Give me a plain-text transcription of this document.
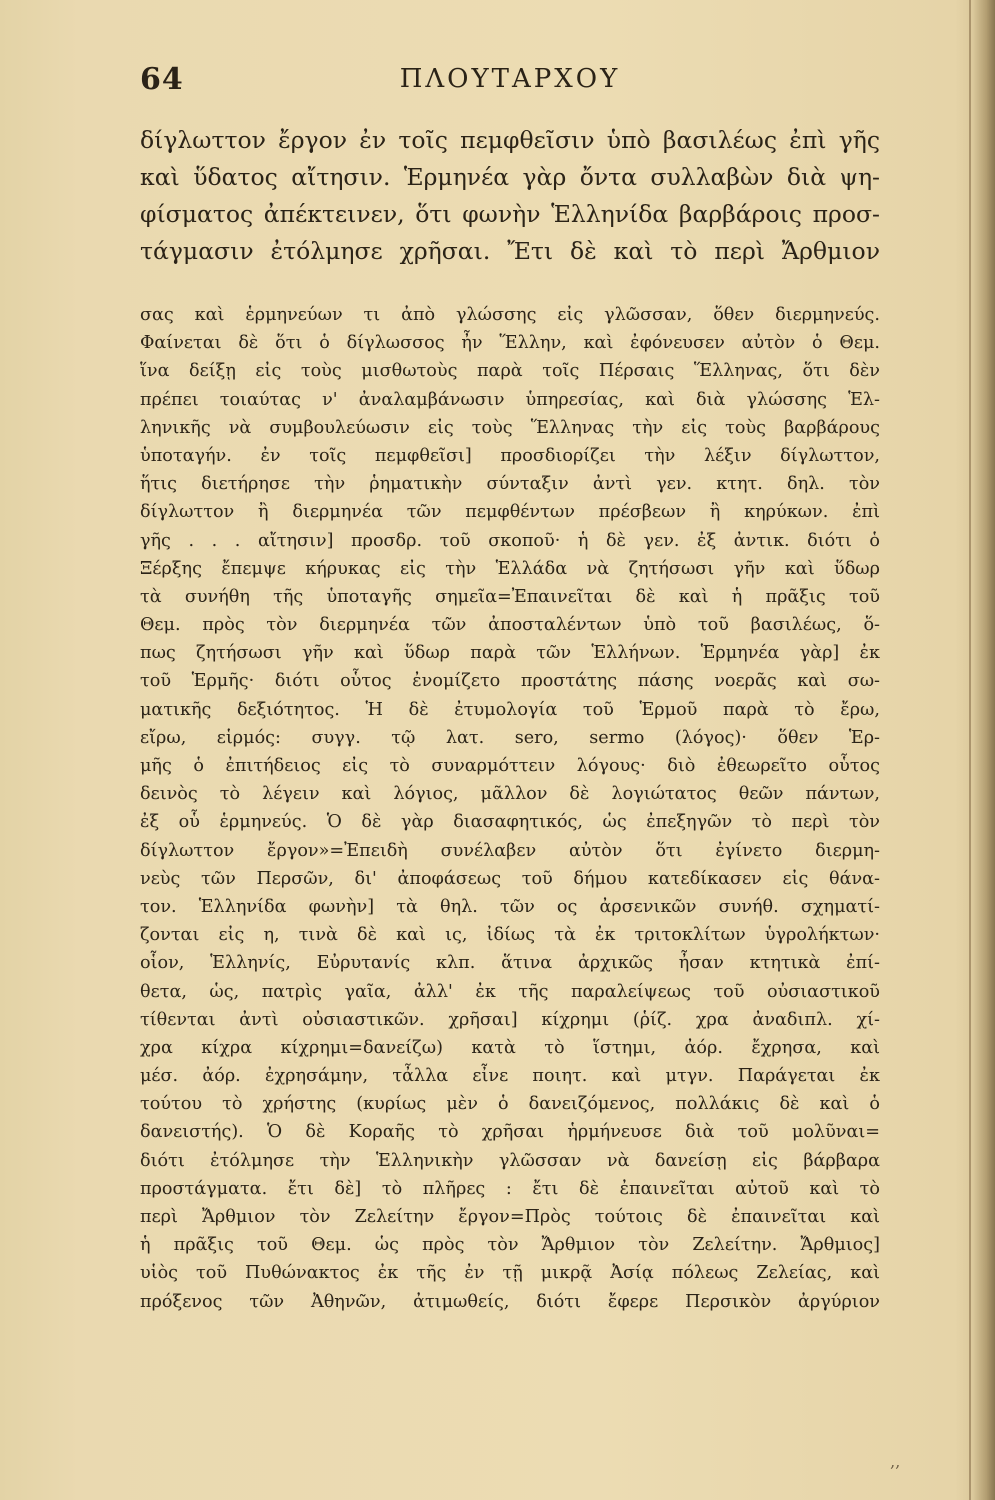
64	ΠΛΟΥΤΑΡΧΟΥ
δίγλωττον ἔργον ἐν τοῖς πεμφθεῖσιν ὑπὸ βασιλέως ἐπὶ γῆς
καὶ ὕδατος αἴτησιν. Ἑρμηνέα γὰρ ὄντα συλλαβὼν διὰ ψη-
φίσματος ἀπέκτεινεν, ὅτι φωνὴν Ἑλληνίδα βαρβάροις προσ-
τάγμασιν ἐτόλμησε χρῆσαι. Ἔτι δὲ καὶ τὸ περὶ Ἄρθμιον
σας καὶ ἑρμηνεύων τι ἀπὸ γλώσσης εἰς γλῶσσαν, ὅθεν διερμηνεύς.
Φαίνεται δὲ ὅτι ὁ δίγλωσσος ἦν Ἕλλην, καὶ ἐφόνευσεν αὐτὸν ὁ Θεμ.
ἵνα δείξῃ εἰς τοὺς μισθωτοὺς παρὰ τοῖς Πέρσαις Ἕλληνας, ὅτι δὲν
πρέπει τοιαύτας ν' ἀναλαμβάνωσιν ὑπηρεσίας, καὶ διὰ γλώσσης Ἑλ-
ληνικῆς νὰ συμβουλεύωσιν εἰς τοὺς Ἕλληνας τὴν εἰς τοὺς βαρβάρους
ὑποταγήν. ἐν τοῖς πεμφθεῖσι] προσδιορίζει τὴν λέξιν δίγλωττον,
ἥτις διετήρησε τὴν ῥηματικὴν σύνταξιν ἀντὶ γεν. κτητ. δηλ. τὸν
δίγλωττον ἢ διερμηνέα τῶν πεμφθέντων πρέσβεων ἢ κηρύκων. ἐπὶ
γῆς . . . αἴτησιν] προσδρ. τοῦ σκοποῦ· ἡ δὲ γεν. ἐξ ἀντικ. διότι ὁ
Ξέρξης ἔπεμψε κήρυκας εἰς τὴν Ἑλλάδα νὰ ζητήσωσι γῆν καὶ ὕδωρ
τὰ συνήθη τῆς ὑποταγῆς σημεῖα=Ἐπαινεῖται δὲ καὶ ἡ πρᾶξις τοῦ
Θεμ. πρὸς τὸν διερμηνέα τῶν ἀποσταλέντων ὑπὸ τοῦ βασιλέως, ὅ-
πως ζητήσωσι γῆν καὶ ὕδωρ παρὰ τῶν Ἑλλήνων. Ἑρμηνέα γὰρ] ἐκ
τοῦ Ἑρμῆς· διότι οὗτος ἐνομίζετο προστάτης πάσης νοερᾶς καὶ σω-
ματικῆς δεξιότητος. Ἡ δὲ ἐτυμολογία τοῦ Ἑρμοῦ παρὰ τὸ ἔρω,
εἴρω, εἱρμός: συγγ. τῷ λατ. sero, sermo (λόγος)· ὅθεν Ἑρ-
μῆς ὁ ἐπιτήδειος εἰς τὸ συναρμόττειν λόγους· διὸ ἐθεωρεῖτο οὗτος
δεινὸς τὸ λέγειν καὶ λόγιος, μᾶλλον δὲ λογιώτατος θεῶν πάντων,
ἐξ οὗ ἑρμηνεύς. Ὁ δὲ γὰρ διασαφητικός, ὡς ἐπεξηγῶν τὸ περὶ τὸν
δίγλωττον ἔργον»=Ἐπειδὴ συνέλαβεν αὐτὸν ὅτι ἐγίνετο διερμη-
νεὺς τῶν Περσῶν, δι' ἀποφάσεως τοῦ δήμου κατεδίκασεν εἰς θάνα-
τον. Ἑλληνίδα φωνὴν] τὰ θηλ. τῶν ος ἀρσενικῶν συνήθ. σχηματί-
ζονται εἰς η, τινὰ δὲ καὶ ις, ἰδίως τὰ ἐκ τριτοκλίτων ὑγρολήκτων·
οἷον, Ἑλληνίς, Εὐρυτανίς κλπ. ἅτινα ἀρχικῶς ἦσαν κτητικὰ ἐπί-
θετα, ὡς, πατρὶς γαῖα, ἀλλ' ἐκ τῆς παραλείψεως τοῦ οὐσιαστικοῦ
τίθενται ἀντὶ οὐσιαστικῶν. χρῆσαι] κίχρημι (ῥίζ. χρα ἀναδιπλ. χί-
χρα κίχρα κίχρημι=δανείζω) κατὰ τὸ ἵστημι, ἀόρ. ἔχρησα, καὶ
μέσ. ἀόρ. ἐχρησάμην, τἆλλα εἶνε ποιητ. καὶ μτγν. Παράγεται ἐκ
τούτου τὸ χρήστης (κυρίως μὲν ὁ δανειζόμενος, πολλάκις δὲ καὶ ὁ
δανειστής). Ὁ δὲ Κοραῆς τὸ χρῆσαι ἡρμήνευσε διὰ τοῦ μολῦναι=
διότι ἐτόλμησε τὴν Ἑλληνικὴν γλῶσσαν νὰ δανείσῃ εἰς βάρβαρα
προστάγματα. ἔτι δὲ] τὸ πλῆρες : ἔτι δὲ ἐπαινεῖται αὐτοῦ καὶ τὸ
περὶ Ἄρθμιον τὸν Ζελείτην ἔργον=Πρὸς τούτοις δὲ ἐπαινεῖται καὶ
ἡ πρᾶξις τοῦ Θεμ. ὡς πρὸς τὸν Ἄρθμιον τὸν Ζελείτην. Ἄρθμιος]
υἱὸς τοῦ Πυθώνακτος ἐκ τῆς ἐν τῇ μικρᾷ Ἀσίᾳ πόλεως Ζελείας, καὶ
πρόξενος τῶν Ἀθηνῶν, ἀτιμωθείς, διότι ἔφερε Περσικὸν ἀργύριον
‚‚
